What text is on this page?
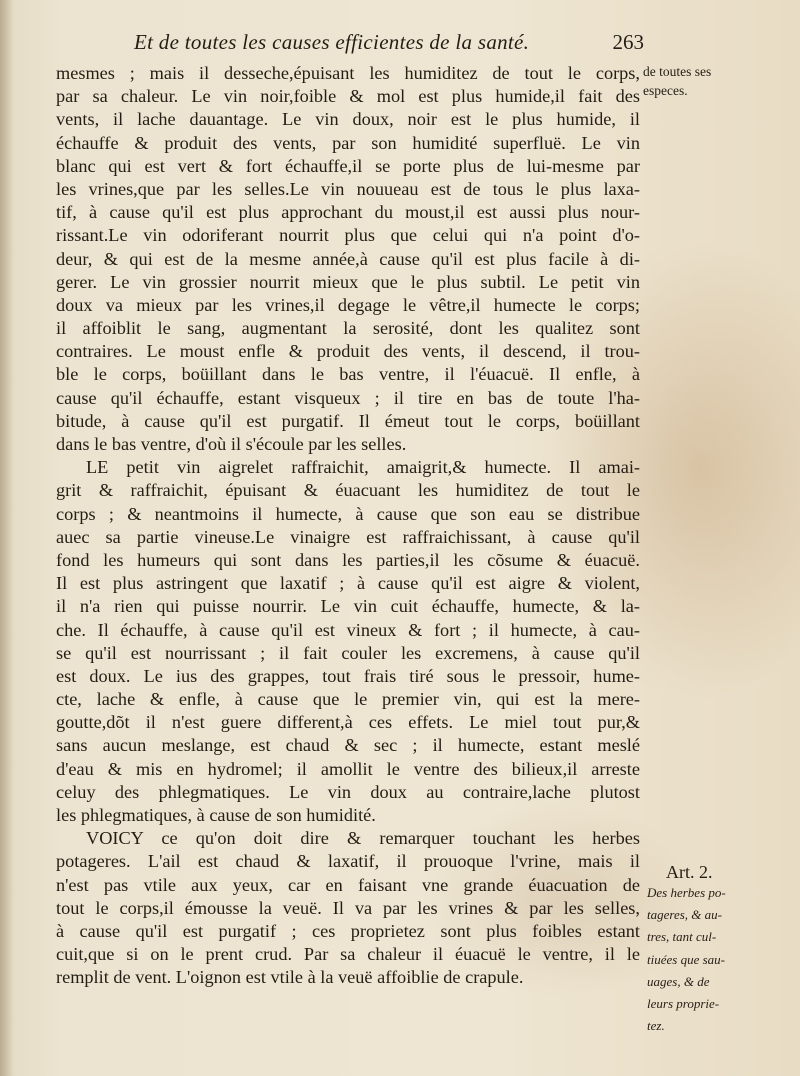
Et de toutes les causes efficientes de la santé.	263
mesmes ; mais il desseche,épuisant les humiditez de tout le corps,
par sa chaleur. Le vin noir,foible & mol est plus humide,il fait des
vents, il lache dauantage. Le vin doux, noir est le plus humide, il
échauffe & produit des vents, par son humidité superfluë. Le vin
blanc qui est vert & fort échauffe,il se porte plus de lui-mesme par
les vrines,que par les selles.Le vin nouueau est de tous le plus laxa-
tif, à cause qu'il est plus approchant du moust,il est aussi plus nour-
rissant.Le vin odoriferant nourrit plus que celui qui n'a point d'o-
deur, & qui est de la mesme année,à cause qu'il est plus facile à di-
gerer. Le vin grossier nourrit mieux que le plus subtil. Le petit vin
doux va mieux par les vrines,il degage le vêtre,il humecte le corps;
il affoiblit le sang, augmentant la serosité, dont les qualitez sont
contraires. Le moust enfle & produit des vents, il descend, il trou-
ble le corps, boüillant dans le bas ventre, il l'éuacuë. Il enfle, à
cause qu'il échauffe, estant visqueux ; il tire en bas de toute l'ha-
bitude, à cause qu'il est purgatif. Il émeut tout le corps, boüillant
dans le bas ventre, d'où il s'écoule par les selles.
LE petit vin aigrelet raffraichit, amaigrit,& humecte. Il amai-
grit & raffraichit, épuisant & éuacuant les humiditez de tout le
corps ; & neantmoins il humecte, à cause que son eau se distribue
auec sa partie vineuse.Le vinaigre est raffraichissant, à cause qu'il
fond les humeurs qui sont dans les parties,il les cõsume & éuacuë.
Il est plus astringent que laxatif ; à cause qu'il est aigre & violent,
il n'a rien qui puisse nourrir. Le vin cuit échauffe, humecte, & la-
che. Il échauffe, à cause qu'il est vineux & fort ; il humecte, à cau-
se qu'il est nourrissant ; il fait couler les excremens, à cause qu'il
est doux. Le ius des grappes, tout frais tiré sous le pressoir, hume-
cte, lache & enfle, à cause que le premier vin, qui est la mere-
goutte,dõt il n'est guere different,à ces effets. Le miel tout pur,&
sans aucun meslange, est chaud & sec ; il humecte, estant meslé
d'eau & mis en hydromel; il amollit le ventre des bilieux,il arreste
celuy des phlegmatiques. Le vin doux au contraire,lache plutost
les phlegmatiques, à cause de son humidité.
VOICY ce qu'on doit dire & remarquer touchant les herbes
potageres. L'ail est chaud & laxatif, il prouoque l'vrine, mais il
n'est pas vtile aux yeux, car en faisant vne grande éuacuation de
tout le corps,il émousse la veuë. Il va par les vrines & par les selles,
à cause qu'il est purgatif ; ces proprietez sont plus foibles estant
cuit,que si on le prent crud. Par sa chaleur il éuacuë le ventre, il le
remplit de vent. L'oignon est vtile à la veuë affoiblie de crapule.
de toutes ses
especes.
Art. 2.
Des herbes po-
tageres, & au-
tres, tant cul-
tiuées que sau-
uages, & de
leurs proprie-
tez.
